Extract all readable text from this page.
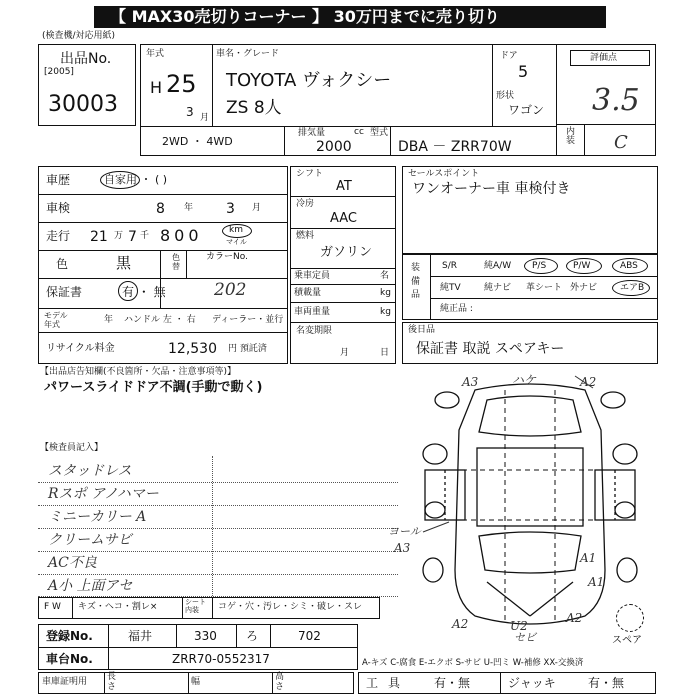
【 MAX30売切りコーナー 】 30万円までに売り切り
(検査機/対応用紙)
出品No.
[2005]
30003
年式
H 25
3 月
車名・グレード
TOYOTA ヴォクシー
ZS 8人
ドア
5
形状
ワゴン
評価点
3.5
内装 C
2WD ・ 4WD
排気量	cc
2000
型式
DBA － ZRR70W
車歴	自家用 ・ ( )
車検	8 年 3 月
走行 21 万 7 千 800	km
マイル
色	黒	色替
カラーNo.
保証書	有 ・ 無	202
モデル年式	年 ハンドル 左 ・ 右 ディーラー・並行
リサイクル料金	12,530 円 預託済
シフト
AT
冷房
AAC
燃料
ガソリン
乗車定員	名
積載量	kg
車両重量	kg
名変期限
月	日
セールスポイント
ワンオーナー車 車検付き
装備品
S/R	純A/W P/S	P/W	ABS
純TV	純ナビ 革シート 外ナビ	エアB
純正品 :
後日品
保証書 取説 スペアキー
【出品店告知欄(不良箇所・欠品・注意事項等)】
パワースライドドア不調(手動で動く)
【検査員記入】
スタッドレス
Rスポ アノハマー
ミニーカリー A
クリームサビ
AC不良
A小 上面アセ
A3	ハケ	A2
ヨール
A3
A1
A1
A2	U2
セビ
A2
スペア
F W キズ・ヘコ・割レ×	シート内装	コゲ・穴・汚レ・シミ・破レ・スレ
登録No.	福井	330 ろ	702
車台No.	ZRR70-0552317	A-キズ C-腐食 E-エクボ S-サビ U-凹ミ W-補修 XX-交換済
車庫証明用 長さ	幅	高さ	工具 有・無	ジャッキ	有・無
